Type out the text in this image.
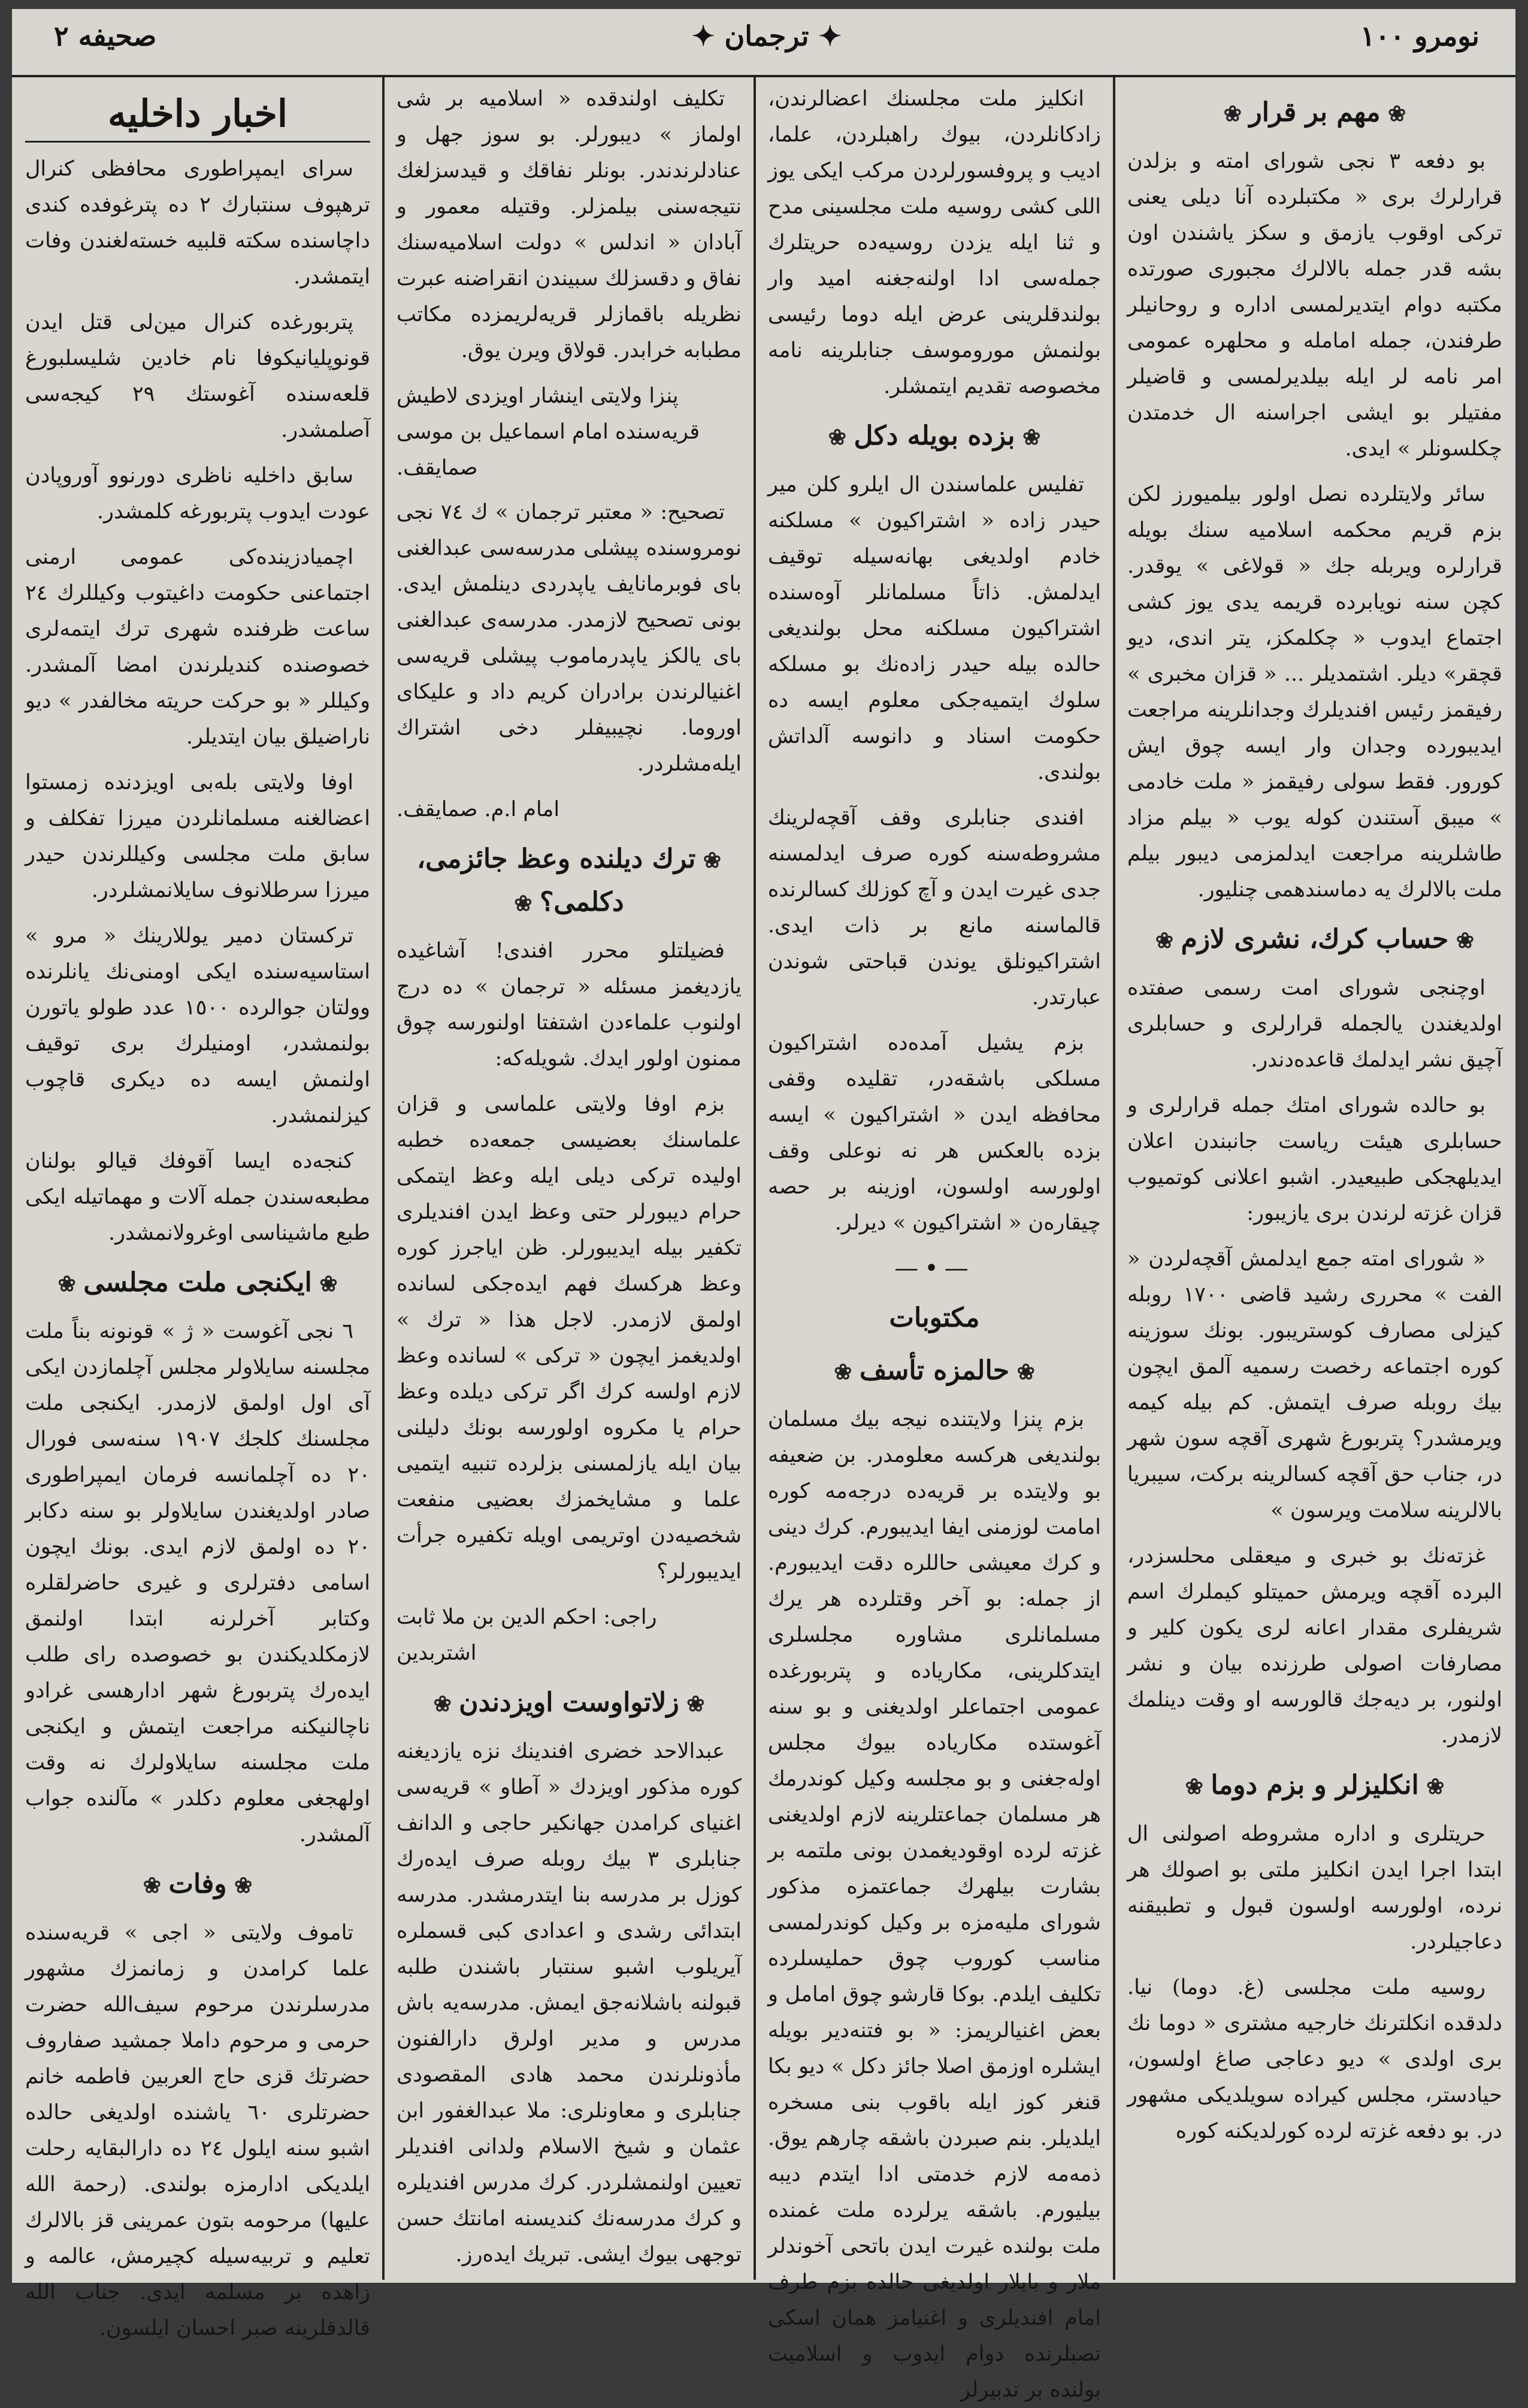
صحيفه ٢	✦ ترجمان ✦	نومرو ١٠٠
❀ مهم بر قرار ❀

بو دفعه ٣ نجی شورای امته و بزلدن قرارلرك بری « مكتبلرده آنا دیلی یعنی تركی اوقوب یازمق و سكز یاشندن اون بشه قدر جمله بالالرك مجبوری صورتده مكتبه دوام ایتدیرلمسی اداره و روحانیلر طرفندن، جمله امامله و محلهره عمومی امر نامه لر ایله بیلدیرلمسی و قاضیلر مفتیلر بو ایشی اجراسنه ال خدمتدن چكلسونلر » ایدی.

سائر ولایتلرده نصل اولور بیلمیورز لكن بزم قریم محكمه اسلامیه سنك بویله قرارلره ویربله جك « قولاغی » یوقدر. كچن سنه نویابرده قریمه یدی یوز كشی اجتماع ایدوب « چكلمكز، یتر اندی، دیو قچقر» دیلر. اشتمدیلر ... « قزان مخبری » رفیقمز رئیس افندیلرك وجدانلرینه مراجعت ایدیبورده وجدان وار ایسه چوق ایش كورور. فقط سولی رفیقمز « ملت خادمی » میبق آستندن كوله یوب « بیلم مزاد طاشلرینه مراجعت ایدلمزمی دیبور بیلم ملت بالالرك یه دماسندهمی چنلیور.

❀ حساب كرك، نشری لازم ❀

اوچنجی شورای امت رسمی صفتده اولدیغندن یالجمله قرارلری و حسابلری آچیق نشر ایدلمك قاعده‌دندر.

بو حالده شورای امتك جمله قرارلری و حسابلری هیئت ریاست جانبندن اعلان ایدیلهجكی طبیعیدر. اشبو اعلانی كوتمیوب قزان غزته لرندن بری یازیبور:

« شورای امته جمع ایدلمش آقچه‌لردن « الفت » محرری رشید قاضی ١٧٠٠ روبله كیزلی مصارف كوستریبور. بونك سوزینه كوره اجتماعه رخصت رسمیه آلمق ایچون بیك روبله صرف ایتمش. كم بیله كیمه ویرمشدر؟ پتربورغ شهری آقچه سون شهر در، جناب حق آقچه كسالرینه برکت، سیبریا بالالرینه سلامت ویرسون »

غزته‌نك بو خبری و میعقلی محلسزدر، البرده آقچه ویرمش حمیتلو كیملرك اسم شریفلری مقدار اعانه لری یكون كلیر و مصارفات اصولی طرزنده بیان و نشر اولنور، بر دیه‌جك قالورسه او وقت دینلمك لازمدر.

❀ انكلیزلر و بزم دوما ❀

حریتلری و اداره مشروطه اصولنی ال ابتدا اجرا ایدن انكلیز ملتی بو اصولك هر نرده، اولورسه اولسون قبول و تطبیقنه دعاجیلردر.

روسیه ملت مجلسی (غ. دوما) نیا. دلدقده انكلترنك خارجیه مشتری « دوما نك بری اولدی » دیو دعاجی صاغ اولسون، حیاد‌ستر، مجلس كیراده سویلدیكی مشهور در. بو دفعه غزته لرده كورلدیكنه كوره

انكلیز ملت مجلسنك اعضالرندن، زادكانلردن، بیوك راهبلردن، علما، ادیب و پروفسورلردن مركب ایكی یوز اللی كشی روسیه ملت مجلسینی مدح و ثنا ایله یزدن روسیه‌ده حریتلرك جمله‌سی ادا اولنه‌جغنه امید وار بولندقلرینی عرض ایله دوما رئیسی بولنمش موروموسف جنابلرینه نامه مخصوصه تقدیم ایتمشلر.

❀ بزده بویله دكل ❀

تفلیس علماسندن ال ایلرو كلن میر حیدر زاده « اشتراكیون » مسلكنه خادم اولدیغی بهانه‌سیله توقیف ایدلمش. ذاتاً مسلمانلر آوه‌سنده اشتراكیون مسلكنه محل بولندیغی حالده بیله حیدر زاده‌نك بو مسلكه سلوك ایتمیه‌جكی معلوم ایسه ده حكومت اسناد و دانوسه آلداتش بولندی.

افندی جنابلری وقف آقچه‌لرینك مشروطه‌سنه كوره صرف ایدلمسنه جدی غیرت ایدن و آچ كوزلك كسالرنده قالماسنه مانع بر ذات ایدی. اشتراكیونلق یوندن قباحتی شوندن عبارتدر.

بزم یشیل آمده‌ده اشتراكیون مسلكی باشقه‌در، تقلیده وقفی محافظه ایدن « اشتراكیون » ایسه بزده بالعكس هر نه نوعلی وقف اولورسه اولسون، اوزینه بر حصه چیقاره‌ن « اشتراكیون » دیرلر.

—•—
مكتوبات
❀ حالمزه تأسف ❀

بزم پنزا ولایتنده نیجه بیك مسلمان بولندیغی هركسه معلومدر. بن ضعیفه بو ولایتده بر قریه‌ده درجه‌مه كوره امامت لوزمنی ایفا ایدیبورم. كرك دینی و كرك معیشی حاللره دقت ایدیبورم. از جمله: بو آخر وقتلرده هر یرك مسلمانلری مشاوره مجلسلری ایتدكلرینی، مكاریاده و پتربورغده عمومی اجتماعلر اولدیغنی و بو سنه آغوستده مكاریاده بیوك مجلس اوله‌جغنی و بو مجلسه وكیل كوندرمك هر مسلمان جماعتلرینه لازم اولدیغنی غزته لرده اوقودیغمدن بونی ملتمه بر بشارت بیلهرك جماعتمزه مذكور شورای ملیه‌مزه بر وكیل كوندرلمسی مناسب كوروب چوق حملیسلرده تكلیف ایلدم. بوكا قارشو چوق امامل و بعض اغنیالریمز: « بو فتنه‌دیر بویله ایشلره اوزمق اصلا جائز دكل » دیو بكا قنغر كوز ایله باقوب بنی مسخره ایلدیلر. بنم صبردن باشقه چارهم یوق. ذمه‌مه لازم خدمتی ادا ایتدم دیبه بیلیورم. باشقه یرلرده ملت غمنده ملت بولنده غیرت ایدن باتحی آخوندلر ملار و بایلار اولدیغی حالده بزم طرف امام افندیلری و اغنیامز همان اسكی تصبلرنده دوام ایدوب و اسلامیت بولنده بر تدبیرلر

تكلیف اولندقده « اسلامیه بر شی اولماز » دیبورلر. بو سوز جهل و عنادلرندندر. بونلر نفاقك و قیدسزلغك نتیجه‌سنی بیلمزلر. وقتیله معمور و آبادان « اندلس » دولت اسلامیه‌سنك نفاق و دقسزلك سبیندن انقراضنه عبرت نظریله باقمازلر قریه‌لریمزده مكاتب مطبابه خرابدر. قولاق ویرن یوق.

پنزا ولایتی اینشار اویزدی لاطیش قریه‌سنده امام اسماعیل بن موسی صمایقف.

تصحیح: « معتبر ترجمان » ك ٧٤ نجی نومروسنده پیشلی مدرسه‌سی عبدالغنی بای فوبرمانایف یاپدردی دینلمش ایدی. بونی تصحیح لازمدر. مدرسه‌ی عبدالغنی بای یالکز یاپدرماموب پیشلی قریه‌سی اغنیالرندن برادران كریم داد و علیكای اوروما. نچیبیفلر دخی اشتراك ایله‌مشلردر.

امام ا.م. صمایقف.

❀ ترك دیلنده وعظ جائزمی، دكلمی؟ ❀

فضیلتلو محرر افندی! آشاغیده یازدیغمز مسئله « ترجمان » ده درج اولنوب علماءدن اشتفتا اولنورسه چوق ممنون اولور ایدك. شویله‌كه:

بزم اوفا ولایتی علماسی و قزان علماسنك بعضیسی جمعه‌ده خطبه اولیده تركی دیلی ایله وعظ ایتمكی حرام دیبورلر حتی وعظ ایدن افندیلری تكفیر بیله ایدیبورلر. ظن ایاجرز كوره وعظ هركسك فهم ایده‌جكی لسانده اولمق لازمدر. لاجل هذا « ترك » اولدیغمز ایچون « تركی » لسانده وعظ لازم اولسه كرك اگر تركی دیلده وعظ حرام یا مكروه اولورسه بونك دلیلنی بیان ایله یازلمسنی بزلرده تنبیه ایتمیی علما و مشایخمزك بعضیی منفعت شخصیه‌دن اوتریمی اویله تكفیره جرأت ایدیبورلر؟

راجی: احكم الدین بن ملا ثابت اشتربدین

❀ زلاتواوست اویزدندن ❀

عبدالاحد خضری افندینك نزه یازدیغنه كوره مذكور اویزدك « آطاو » قریه‌سی اغنیای كرامدن جهانكیر حاجی و الدانف جنابلری ٣ بیك روبله صرف ایده‌رك كوزل بر مدرسه بنا ایتدرمشدر. مدرسه ابتدائی رشدی و اعدادی كبی قسملره آیریلوب اشبو سنتبار باشندن طلبه قبولنه باشلانه‌جق ایمش. مدرسه‌یه باش مدرس و مدیر اولرق دارالفنون مأذونلرندن محمد هادی المقصودی جنابلری و معاونلری: ملا عبدالغفور ابن عثمان و شیخ الاسلام ولدانی افندیلر تعیین اولنمشلردر. كرك مدرس افندیلره و كرك مدرسه‌نك كندیسنه امانتك حسن توجهی بیوك ایشی. تبریك ایده‌رز.

اخبار داخلیه

سرای ایمپراطوری محافظی كنرال ترهپوف سنتبارك ٢ ده پترغوفده كندی داچاسنده سكته قلبیه خسته‌لغندن وفات ایتمشدر.

پتربورغده كنرال مین‌لی قتل ایدن قونوپلیانیكوفا نام خادین شلیسلبورغ قلعه‌سنده آغوستك ٢٩ كیجه‌سی آصلمشدر.

سابق داخلیه ناظری دورنوو آوروپادن عودت ایدوب پتربورغه كلمشدر.

اچمیادزینده‌كی عمومی ارمنی اجتماعنی حكومت داغیتوب وكیللرك ٢٤ ساعت ظرفنده شهری ترك ایتمه‌لری خصوصنده كندیلرندن امضا آلمشدر. وكیللر « بو حركت حریته مخالفدر » دیو ناراضیلق بیان ایتدیلر.

اوفا ولایتی بله‌بی اویزدنده زمستوا اعضالغنه مسلمانلردن میرزا تفكلف و سابق ملت مجلسی وكیللرندن حیدر میرزا سرطلانوف سایلانمشلردر.

تركستان دمیر یوللارینك « مرو » استاسیه‌سنده ایكی اومنی‌نك یانلرنده وولتان جوالرده ١٥٠٠ عدد طولو یاتورن بولنمشدر، اومنیلرك بری توقیف اولنمش ایسه ده دیكری قاچوب كیزلنمشدر.

كنجه‌ده ایسا آقوفك قیالو بولنان مطبعه‌سندن جمله آلات و مهماتیله ایكی طبع ماشیناسی اوغرولانمشدر.

❀ ایكنجی ملت مجلسی ❀

٦ نجی آغوست « ژ » قونونه بناً ملت مجلسنه سایلاولر مجلس آچلمازدن ایكی آی اول اولمق لازمدر. ایكنجی ملت مجلسنك كلجك ١٩٠٧ سنه‌سی فورال ٢٠ ده آچلمانسه فرمان ایمپراطوری صادر اولدیغندن سایلاولر بو سنه دكابر ٢٠ ده اولمق لازم ایدی. بونك ایچون اسامی دفترلری و غیری حاضرلقلره وكتابر آخرلرنه ابتدا اولنمق لازمكلدیكندن بو خصوصده رای طلب ایده‌رك پتربورغ شهر ادارهسی غرادو ناچالنیكنه مراجعت ایتمش و ایكنجی ملت مجلسنه سایلاولرك نه وقت اولهجغی معلوم دكلدر » مآلنده جواب آلمشدر.

❀ وفات ❀

تاموف ولایتی « اجی » قریه‌سنده علما كرامدن و زمانمزك مشهور مدرسلرندن مرحوم سیف‌الله حضرت حرمی و مرحوم داملا جمشید صفاروف حضرتك قزی حاج العربین فاطمه خانم حضرتلری ٦٠ یاشنده اولدیغی حالده اشبو سنه ایلول ٢٤ ده دارالبقایه رحلت ایلدیكی ادارمزه بولندی. (رحمة الله علیها) مرحومه بتون عمرینی قز بالالرك تعلیم و تربیه‌سیله كچیرمش، عالمه و زاهده بر مسلمه ایدی. جناب الله قالدقلرینه صبر احسان ایلسون.
